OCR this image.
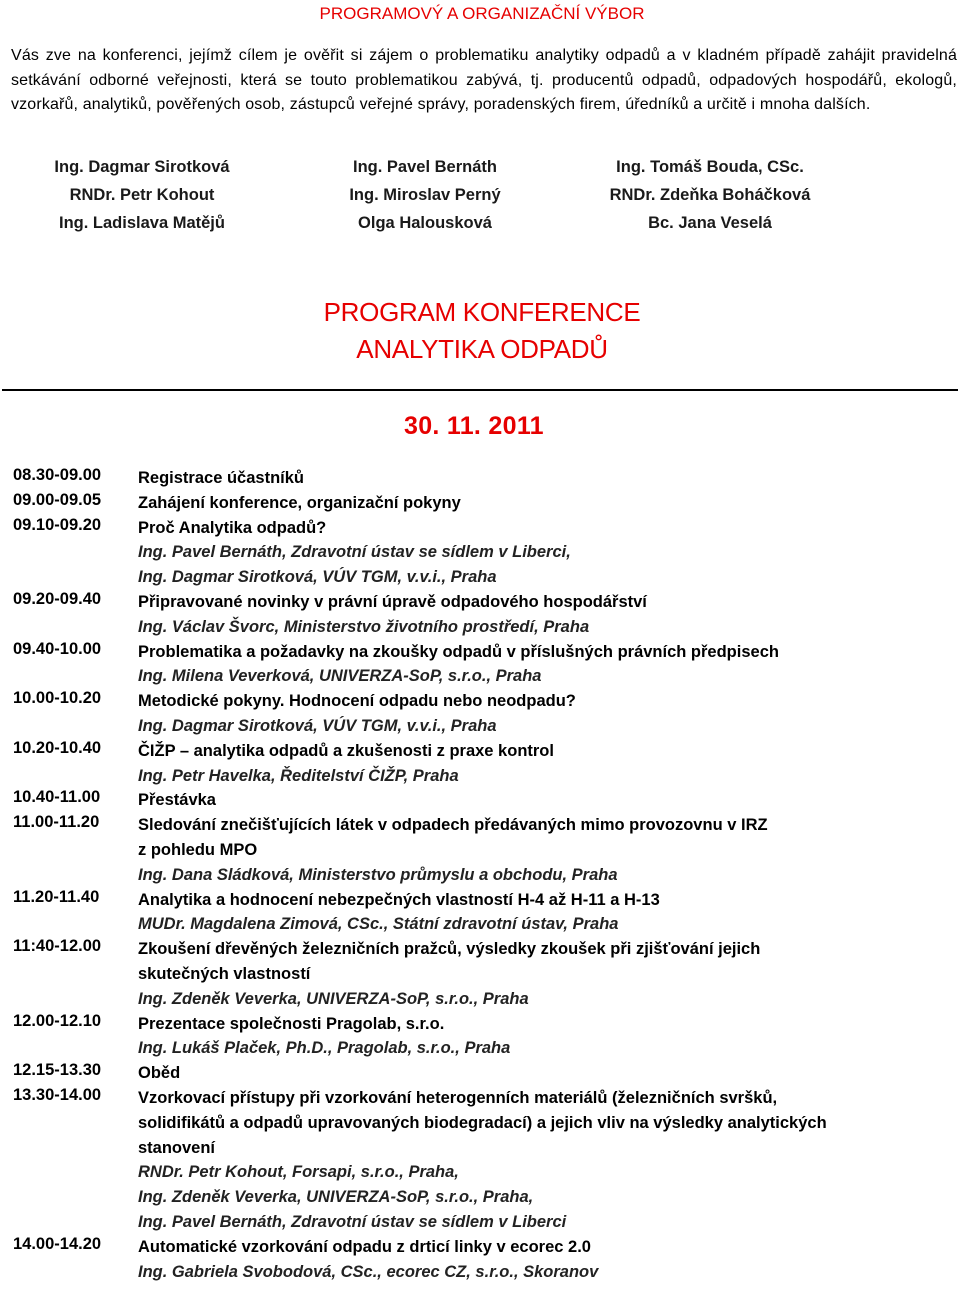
PROGRAMOVÝ A ORGANIZAČNÍ VÝBOR
Vás zve na konferenci, jejímž cílem je ověřit si zájem o problematiku analytiky odpadů a v kladném případě zahájit pravidelná setkávání odborné veřejnosti, která se touto problematikou zabývá, tj. producentů odpadů, odpadových hospodářů, ekologů, vzorkařů, analytiků, pověřených osob, zástupců veřejné správy, poradenských firem, úředníků a určitě i mnoha dalších.
Ing. Dagmar Sirotková	Ing. Pavel Bernáth	Ing. Tomáš Bouda, CSc.
RNDr. Petr Kohout	Ing. Miroslav Perný	RNDr. Zdeňka Boháčková
Ing. Ladislava Matějů	Olga Halousková	Bc. Jana Veselá
PROGRAM KONFERENCE
ANALYTIKA ODPADŮ
30. 11. 2011
08.30-09.00 Registrace účastníků
09.00-09.05 Zahájení konference, organizační pokyny
09.10-09.20 Proč Analytika odpadů?
Ing. Pavel Bernáth, Zdravotní ústav se sídlem v Liberci,
Ing. Dagmar Sirotková, VÚV TGM, v.v.i., Praha
09.20-09.40 Připravované novinky v právní úpravě odpadového hospodářství
Ing. Václav Švorc, Ministerstvo životního prostředí, Praha
09.40-10.00 Problematika a požadavky na zkoušky odpadů v příslušných právních předpisech
Ing. Milena Veverková, UNIVERZA-SoP, s.r.o., Praha
10.00-10.20 Metodické pokyny. Hodnocení odpadu nebo neodpadu?
Ing. Dagmar Sirotková, VÚV TGM, v.v.i., Praha
10.20-10.40 ČIŽP – analytika odpadů a zkušenosti z praxe kontrol
Ing. Petr Havelka, Ředitelství ČIŽP, Praha
10.40-11.00 Přestávka
11.00-11.20 Sledování znečišťujících látek v odpadech předávaných mimo provozovnu v IRZ
z pohledu MPO
Ing. Dana Sládková, Ministerstvo průmyslu a obchodu, Praha
11.20-11.40 Analytika a hodnocení nebezpečných vlastností H-4 až H-11 a H-13
MUDr. Magdalena Zimová, CSc., Státní zdravotní ústav, Praha
11:40-12.00 Zkoušení dřevěných železničních pražců, výsledky zkoušek při zjišťování jejich
skutečných vlastností
Ing. Zdeněk Veverka, UNIVERZA-SoP, s.r.o., Praha
12.00-12.10 Prezentace společnosti Pragolab, s.r.o.
Ing. Lukáš Plaček, Ph.D., Pragolab, s.r.o., Praha
12.15-13.30 Oběd
13.30-14.00 Vzorkovací přístupy při vzorkování heterogenních materiálů (železničních svršků,
solidifikátů a odpadů upravovaných biodegradací) a jejich vliv na výsledky analytických
stanovení
RNDr. Petr Kohout, Forsapi, s.r.o., Praha,
Ing. Zdeněk Veverka, UNIVERZA-SoP, s.r.o., Praha,
Ing. Pavel Bernáth, Zdravotní ústav se sídlem v Liberci
14.00-14.20 Automatické vzorkování odpadu z drticí linky v ecorec 2.0
Ing. Gabriela Svobodová, CSc., ecorec CZ, s.r.o., Skoranov
